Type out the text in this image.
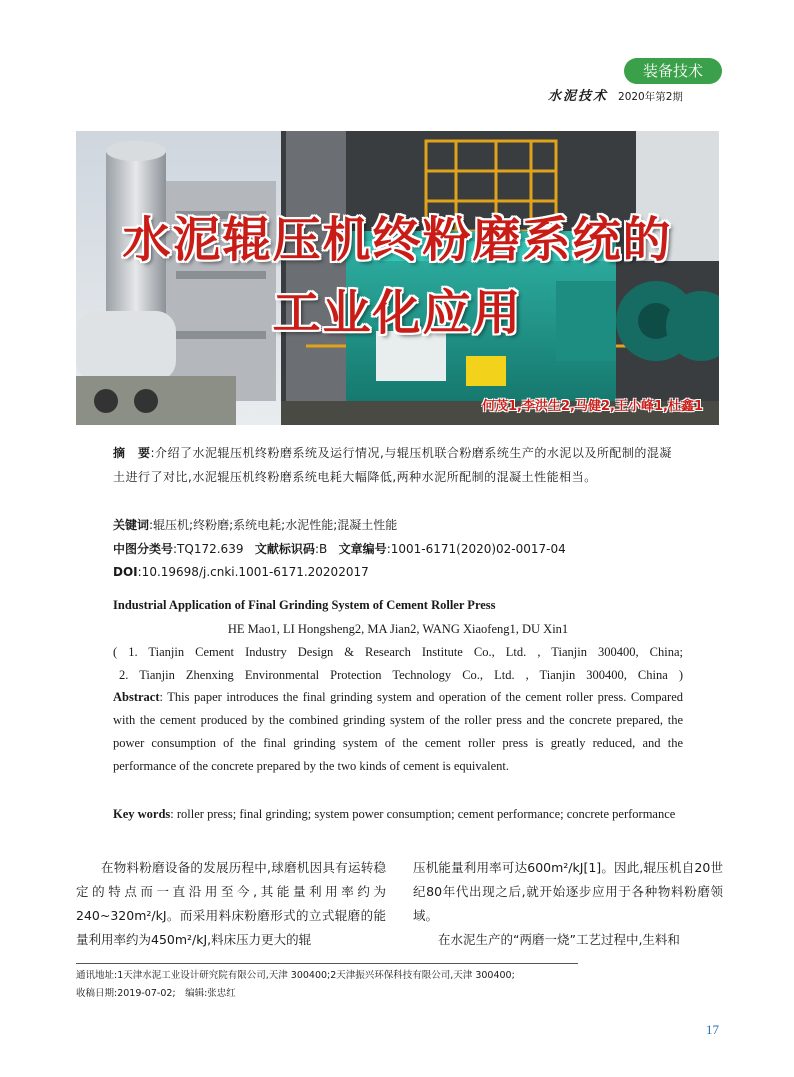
装备技术
水泥技术 2020年第2期
水泥辊压机终粉磨系统的
工业化应用
何茂1,李洪生2,马健2,王小峰1,杜鑫1
摘　要:介绍了水泥辊压机终粉磨系统及运行情况,与辊压机联合粉磨系统生产的水泥以及所配制的混凝土进行了对比,水泥辊压机终粉磨系统电耗大幅降低,两种水泥所配制的混凝土性能相当。
关键词:辊压机;终粉磨;系统电耗;水泥性能;混凝土性能
中图分类号:TQ172.639 文献标识码:B 文章编号:1001-6171(2020)02-0017-04
DOI:10.19698/j.cnki.1001-6171.20202017
Industrial Application of Final Grinding System of Cement Roller Press
HE Mao1, LI Hongsheng2, MA Jian2, WANG Xiaofeng1, DU Xin1
( 1. Tianjin Cement Industry Design & Research Institute Co., Ltd. , Tianjin 300400, China;
2. Tianjin Zhenxing Environmental Protection Technology Co., Ltd. , Tianjin 300400, China )
Abstract: This paper introduces the final grinding system and operation of the cement roller press. Compared with the cement produced by the combined grinding system of the roller press and the concrete prepared, the power consumption of the final grinding system of the cement roller press is greatly reduced, and the performance of the concrete prepared by the two kinds of cement is equivalent.
Key words: roller press; final grinding; system power consumption; cement performance; concrete performance
在物料粉磨设备的发展历程中,球磨机因具有运转稳定的特点而一直沿用至今,其能量利用率约为240~320m²/kJ。而采用料床粉磨形式的立式辊磨的能量利用率约为450m²/kJ,料床压力更大的辊
压机能量利用率可达600m²/kJ[1]。因此,辊压机自20世纪80年代出现之后,就开始逐步应用于各种物料粉磨领域。
在水泥生产的“两磨一烧”工艺过程中,生料和
通讯地址:1天津水泥工业设计研究院有限公司,天津 300400;2天津振兴环保科技有限公司,天津 300400;
收稿日期:2019-07-02;　编辑:张忠红
17
